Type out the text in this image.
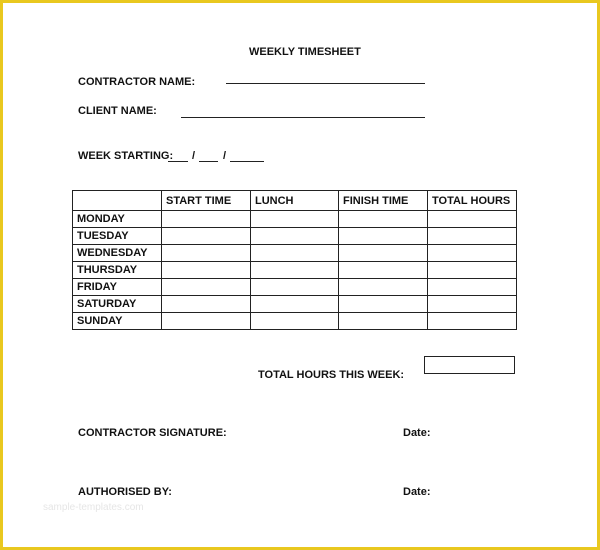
WEEKLY TIMESHEET
CONTRACTOR NAME:
CLIENT NAME:
WEEK STARTING: /	/
	START TIME	LUNCH	FINISH TIME	TOTAL HOURS
MONDAY				
TUESDAY				
WEDNESDAY				
THURSDAY				
FRIDAY				
SATURDAY				
SUNDAY				
TOTAL HOURS THIS WEEK:
CONTRACTOR SIGNATURE:	Date:
AUTHORISED BY:	Date:
sample-templates.com
